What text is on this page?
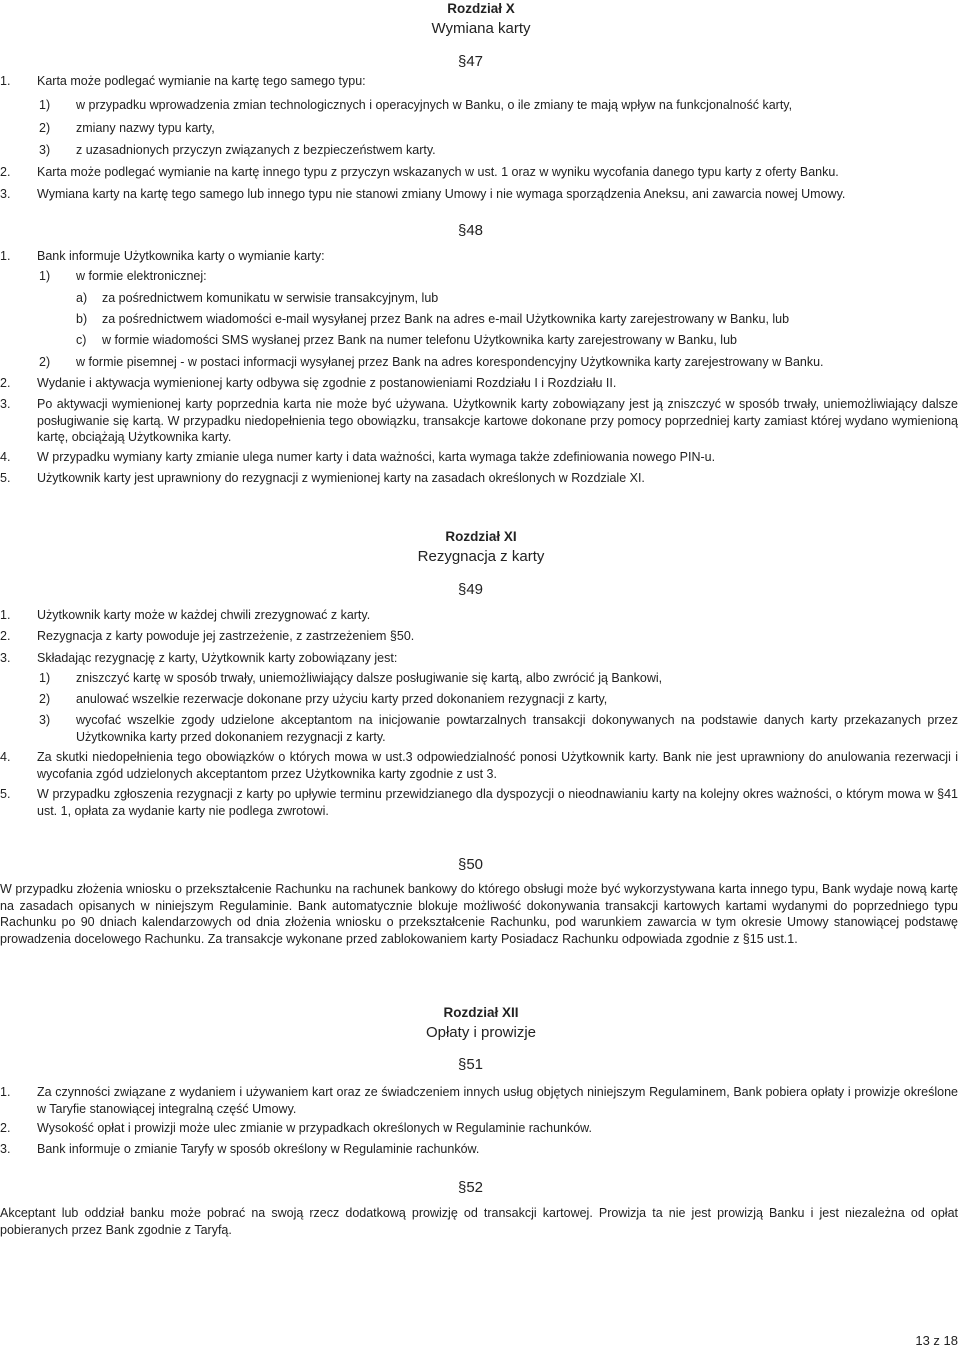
Rozdział X
Wymiana karty
§47
1. Karta może podlegać wymianie na kartę tego samego typu:
1) w przypadku wprowadzenia zmian technologicznych i operacyjnych w Banku, o ile zmiany te mają wpływ na funkcjonalność karty,
2) zmiany nazwy typu karty,
3) z uzasadnionych przyczyn związanych z bezpieczeństwem karty.
2. Karta może podlegać wymianie na kartę innego typu z przyczyn wskazanych w ust. 1 oraz w wyniku wycofania danego typu karty z oferty Banku.
3. Wymiana karty na kartę tego samego lub innego typu nie stanowi zmiany Umowy i nie wymaga sporządzenia Aneksu, ani zawarcia nowej Umowy.
§48
1. Bank informuje Użytkownika karty o wymianie karty:
1) w formie elektronicznej:
a) za pośrednictwem komunikatu w serwisie transakcyjnym, lub
b) za pośrednictwem wiadomości e-mail wysyłanej przez Bank na adres e-mail Użytkownika karty zarejestrowany w Banku, lub
c) w formie wiadomości SMS wysłanej przez Bank na numer telefonu Użytkownika karty zarejestrowany w Banku, lub
2) w formie pisemnej - w postaci informacji wysyłanej przez Bank na adres korespondencyjny Użytkownika karty zarejestrowany w Banku.
2. Wydanie i aktywacja wymienionej karty odbywa się zgodnie z postanowieniami Rozdziału I i Rozdziału II.
3. Po aktywacji wymienionej karty poprzednia karta nie może być używana. Użytkownik karty zobowiązany jest ją zniszczyć w sposób trwały, uniemożliwiający dalsze posługiwanie się kartą. W przypadku niedopełnienia tego obowiązku, transakcje kartowe dokonane przy pomocy poprzedniej karty zamiast której wydano wymienioną kartę, obciążają Użytkownika karty.
4. W przypadku wymiany karty zmianie ulega numer karty i data ważności, karta wymaga także zdefiniowania nowego PIN-u.
5. Użytkownik karty jest uprawniony do rezygnacji z wymienionej karty na zasadach określonych w Rozdziale XI.
Rozdział XI
Rezygnacja z karty
§49
1. Użytkownik karty może w każdej chwili zrezygnować z karty.
2. Rezygnacja z karty powoduje jej zastrzeżenie, z zastrzeżeniem §50.
3. Składając rezygnację z karty, Użytkownik karty zobowiązany jest:
1) zniszczyć kartę w sposób trwały, uniemożliwiający dalsze posługiwanie się kartą, albo zwrócić ją Bankowi,
2) anulować wszelkie rezerwacje dokonane przy użyciu karty przed dokonaniem rezygnacji z karty,
3) wycofać wszelkie zgody udzielone akceptantom na inicjowanie powtarzalnych transakcji dokonywanych na podstawie danych karty przekazanych przez Użytkownika karty przed dokonaniem rezygnacji z karty.
4. Za skutki niedopełnienia tego obowiązków o których mowa w ust.3 odpowiedzialność ponosi Użytkownik karty. Bank nie jest uprawniony do anulowania rezerwacji i wycofania zgód udzielonych akceptantom przez Użytkownika karty zgodnie z ust 3.
5. W przypadku zgłoszenia rezygnacji z karty po upływie terminu przewidzianego dla dyspozycji o nieodnawianiu karty na kolejny okres ważności, o którym mowa w §41 ust. 1, opłata za wydanie karty nie podlega zwrotowi.
§50
W przypadku złożenia wniosku o przekształcenie Rachunku na rachunek bankowy do którego obsługi może być wykorzystywana karta innego typu, Bank wydaje nową kartę na zasadach opisanych w niniejszym Regulaminie. Bank automatycznie blokuje możliwość dokonywania transakcji kartowych kartami wydanymi do poprzedniego typu Rachunku po 90 dniach kalendarzowych od dnia złożenia wniosku o przekształcenie Rachunku, pod warunkiem zawarcia w tym okresie Umowy stanowiącej podstawę prowadzenia docelowego Rachunku. Za transakcje wykonane przed zablokowaniem karty Posiadacz Rachunku odpowiada zgodnie z §15 ust.1.
Rozdział XII
Opłaty i prowizje
§51
1. Za czynności związane z wydaniem i używaniem kart oraz ze świadczeniem innych usług objętych niniejszym Regulaminem, Bank pobiera opłaty i prowizje określone w Taryfie stanowiącej integralną część Umowy.
2. Wysokość opłat i prowizji może ulec zmianie w przypadkach określonych w Regulaminie rachunków.
3. Bank informuje o zmianie Taryfy w sposób określony w Regulaminie rachunków.
§52
Akceptant lub oddział banku może pobrać na swoją rzecz dodatkową prowizję od transakcji kartowej. Prowizja ta nie jest prowizją Banku i jest niezależna od opłat pobieranych przez Bank zgodnie z Taryfą.
13 z 18
